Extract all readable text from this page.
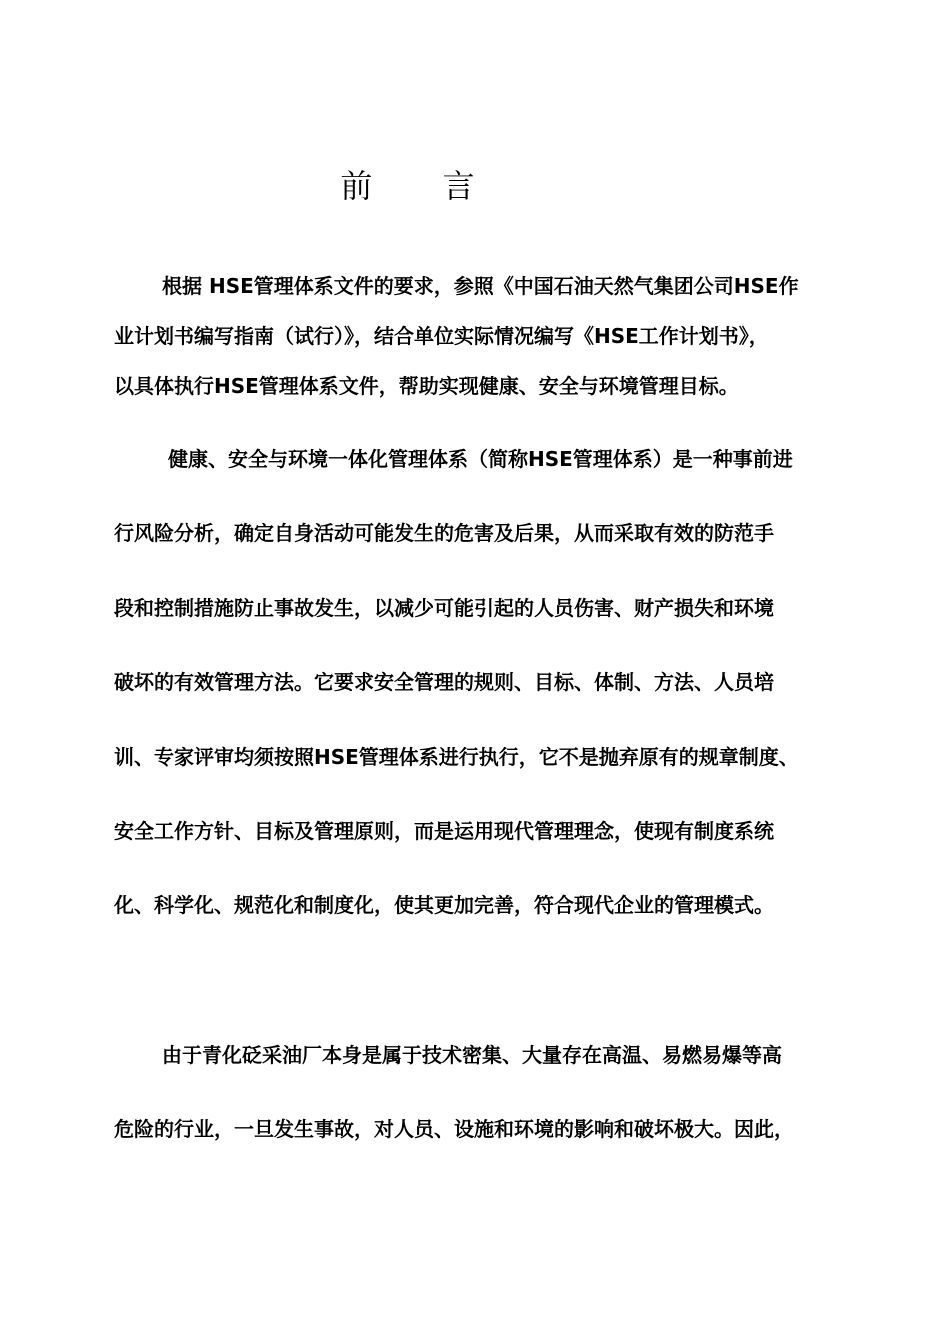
前 言
根据 HSE管理体系文件的要求，参照《中国石油天然气集团公司HSE作
业计划书编写指南（试行）》，结合单位实际情况编写《HSE工作计划书》，
以具体执行HSE管理体系文件，帮助实现健康、安全与环境管理目标。
健康、安全与环境一体化管理体系（简称HSE管理体系）是一种事前进
行风险分析，确定自身活动可能发生的危害及后果，从而采取有效的防范手
段和控制措施防止事故发生，以减少可能引起的人员伤害、财产损失和环境
破坏的有效管理方法。它要求安全管理的规则、目标、体制、方法、人员培
训、专家评审均须按照HSE管理体系进行执行，它不是抛弃原有的规章制度、
安全工作方针、目标及管理原则，而是运用现代管理理念，使现有制度系统
化、科学化、规范化和制度化，使其更加完善，符合现代企业的管理模式。
由于青化砭采油厂本身是属于技术密集、大量存在高温、易燃易爆等高
危险的行业，一旦发生事故，对人员、设施和环境的影响和破坏极大。因此，
